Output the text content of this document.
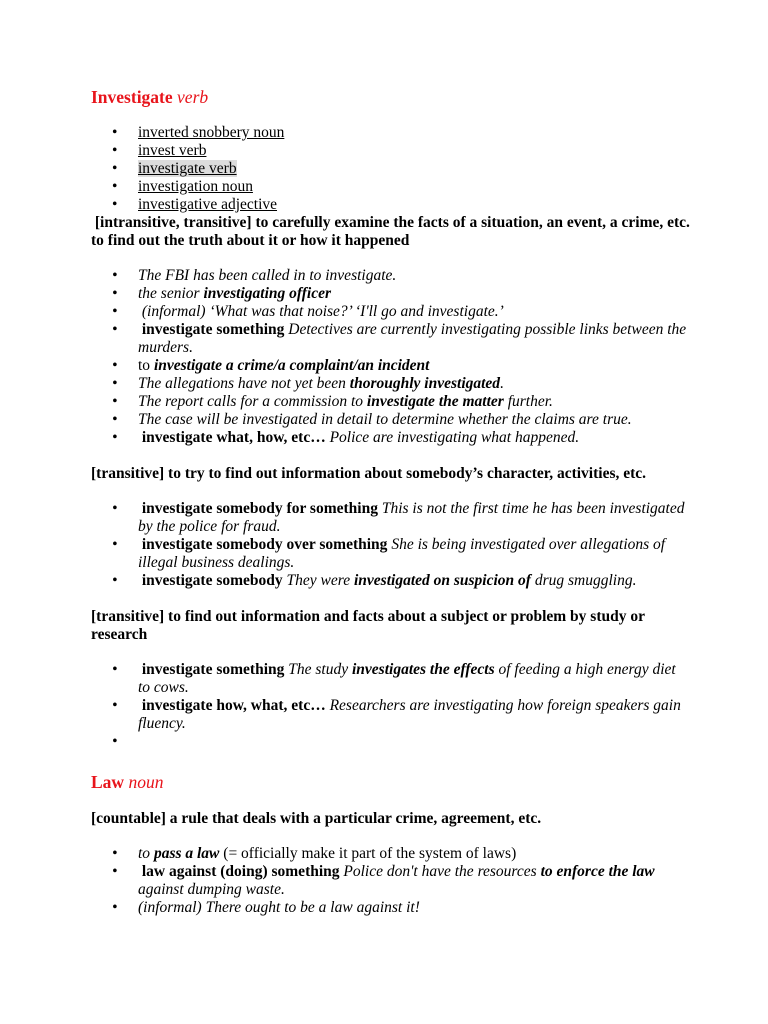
Investigate verb
• inverted snobbery noun
• invest verb
• investigate verb
• investigation noun
• investigative adjective
[intransitive, transitive] to carefully examine the facts of a situation, an event, a crime, etc. to find out the truth about it or how it happened
• The FBI has been called in to investigate.
• the senior investigating officer
• (informal) ‘What was that noise?’ ‘I'll go and investigate.’
• investigate something Detectives are currently investigating possible links between the murders.
• to investigate a crime/a complaint/an incident
• The allegations have not yet been thoroughly investigated.
• The report calls for a commission to investigate the matter further.
• The case will be investigated in detail to determine whether the claims are true.
• investigate what, how, etc… Police are investigating what happened.
[transitive] to try to find out information about somebody’s character, activities, etc.
• investigate somebody for something This is not the first time he has been investigated by the police for fraud.
• investigate somebody over something She is being investigated over allegations of illegal business dealings.
• investigate somebody They were investigated on suspicion of drug smuggling.
[transitive] to find out information and facts about a subject or problem by study or research
• investigate something The study investigates the effects of feeding a high energy diet to cows.
• investigate how, what, etc… Researchers are investigating how foreign speakers gain fluency.
•

Law noun
[countable] a rule that deals with a particular crime, agreement, etc.
• to pass a law (= officially make it part of the system of laws)
• law against (doing) something Police don't have the resources to enforce the law against dumping waste.
• (informal) There ought to be a law against it!
